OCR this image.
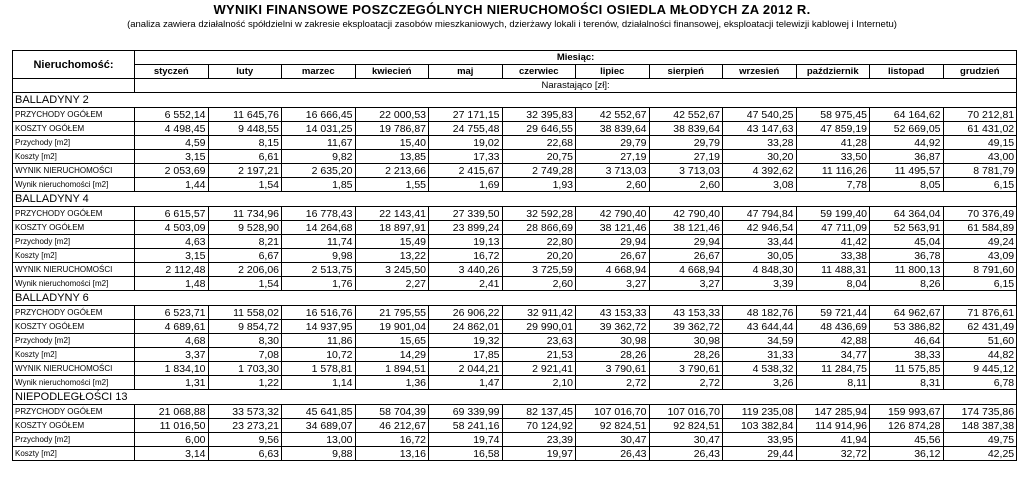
WYNIKI FINANSOWE POSZCZEGÓLNYCH NIERUCHOMOŚCI OSIEDLA MŁODYCH ZA 2012 R.
(analiza zawiera działalność spółdzielni w zakresie eksploatacji zasobów mieszkaniowych, dzierżawy lokali i terenów, działalności finansowej, eksploatacji telewizji kablowej i Internetu)
Nieruchomość:	Miesiąc:											
	styczeń	luty	marzec	kwiecień	maj	czerwiec	lipiec	sierpień	wrzesień	październik	listopad	grudzień
	Narastająco [zł]:											
BALLADYNY 2												
PRZYCHODY OGÓŁEM	6 552,14	11 645,76	16 666,45	22 000,53	27 171,15	32 395,83	42 552,67	42 552,67	47 540,25	58 975,45	64 164,62	70 212,81
KOSZTY OGÓŁEM	4 498,45	9 448,55	14 031,25	19 786,87	24 755,48	29 646,55	38 839,64	38 839,64	43 147,63	47 859,19	52 669,05	61 431,02
Przychody [m2]	4,59	8,15	11,67	15,40	19,02	22,68	29,79	29,79	33,28	41,28	44,92	49,15
Koszty [m2]	3,15	6,61	9,82	13,85	17,33	20,75	27,19	27,19	30,20	33,50	36,87	43,00
WYNIK NIERUCHOMOŚCI	2 053,69	2 197,21	2 635,20	2 213,66	2 415,67	2 749,28	3 713,03	3 713,03	4 392,62	11 116,26	11 495,57	8 781,79
Wynik nieruchomości [m2]	1,44	1,54	1,85	1,55	1,69	1,93	2,60	2,60	3,08	7,78	8,05	6,15
BALLADYNY 4												
PRZYCHODY OGÓŁEM	6 615,57	11 734,96	16 778,43	22 143,41	27 339,50	32 592,28	42 790,40	42 790,40	47 794,84	59 199,40	64 364,04	70 376,49
KOSZTY OGÓŁEM	4 503,09	9 528,90	14 264,68	18 897,91	23 899,24	28 866,69	38 121,46	38 121,46	42 946,54	47 711,09	52 563,91	61 584,89
Przychody [m2]	4,63	8,21	11,74	15,49	19,13	22,80	29,94	29,94	33,44	41,42	45,04	49,24
Koszty [m2]	3,15	6,67	9,98	13,22	16,72	20,20	26,67	26,67	30,05	33,38	36,78	43,09
WYNIK NIERUCHOMOŚCI	2 112,48	2 206,06	2 513,75	3 245,50	3 440,26	3 725,59	4 668,94	4 668,94	4 848,30	11 488,31	11 800,13	8 791,60
Wynik nieruchomości [m2]	1,48	1,54	1,76	2,27	2,41	2,60	3,27	3,27	3,39	8,04	8,26	6,15
BALLADYNY 6												
PRZYCHODY OGÓŁEM	6 523,71	11 558,02	16 516,76	21 795,55	26 906,22	32 911,42	43 153,33	43 153,33	48 182,76	59 721,44	64 962,67	71 876,61
KOSZTY OGÓŁEM	4 689,61	9 854,72	14 937,95	19 901,04	24 862,01	29 990,01	39 362,72	39 362,72	43 644,44	48 436,69	53 386,82	62 431,49
Przychody [m2]	4,68	8,30	11,86	15,65	19,32	23,63	30,98	30,98	34,59	42,88	46,64	51,60
Koszty [m2]	3,37	7,08	10,72	14,29	17,85	21,53	28,26	28,26	31,33	34,77	38,33	44,82
WYNIK NIERUCHOMOŚCI	1 834,10	1 703,30	1 578,81	1 894,51	2 044,21	2 921,41	3 790,61	3 790,61	4 538,32	11 284,75	11 575,85	9 445,12
Wynik nieruchomości [m2]	1,31	1,22	1,14	1,36	1,47	2,10	2,72	2,72	3,26	8,11	8,31	6,78
NIEPODLEGŁOŚCI 13												
PRZYCHODY OGÓŁEM	21 068,88	33 573,32	45 641,85	58 704,39	69 339,99	82 137,45	107 016,70	107 016,70	119 235,08	147 285,94	159 993,67	174 735,86
KOSZTY OGÓŁEM	11 016,50	23 273,21	34 689,07	46 212,67	58 241,16	70 124,92	92 824,51	92 824,51	103 382,84	114 914,96	126 874,28	148 387,38
Przychody [m2]	6,00	9,56	13,00	16,72	19,74	23,39	30,47	30,47	33,95	41,94	45,56	49,75
Koszty [m2]	3,14	6,63	9,88	13,16	16,58	19,97	26,43	26,43	29,44	32,72	36,12	42,25
